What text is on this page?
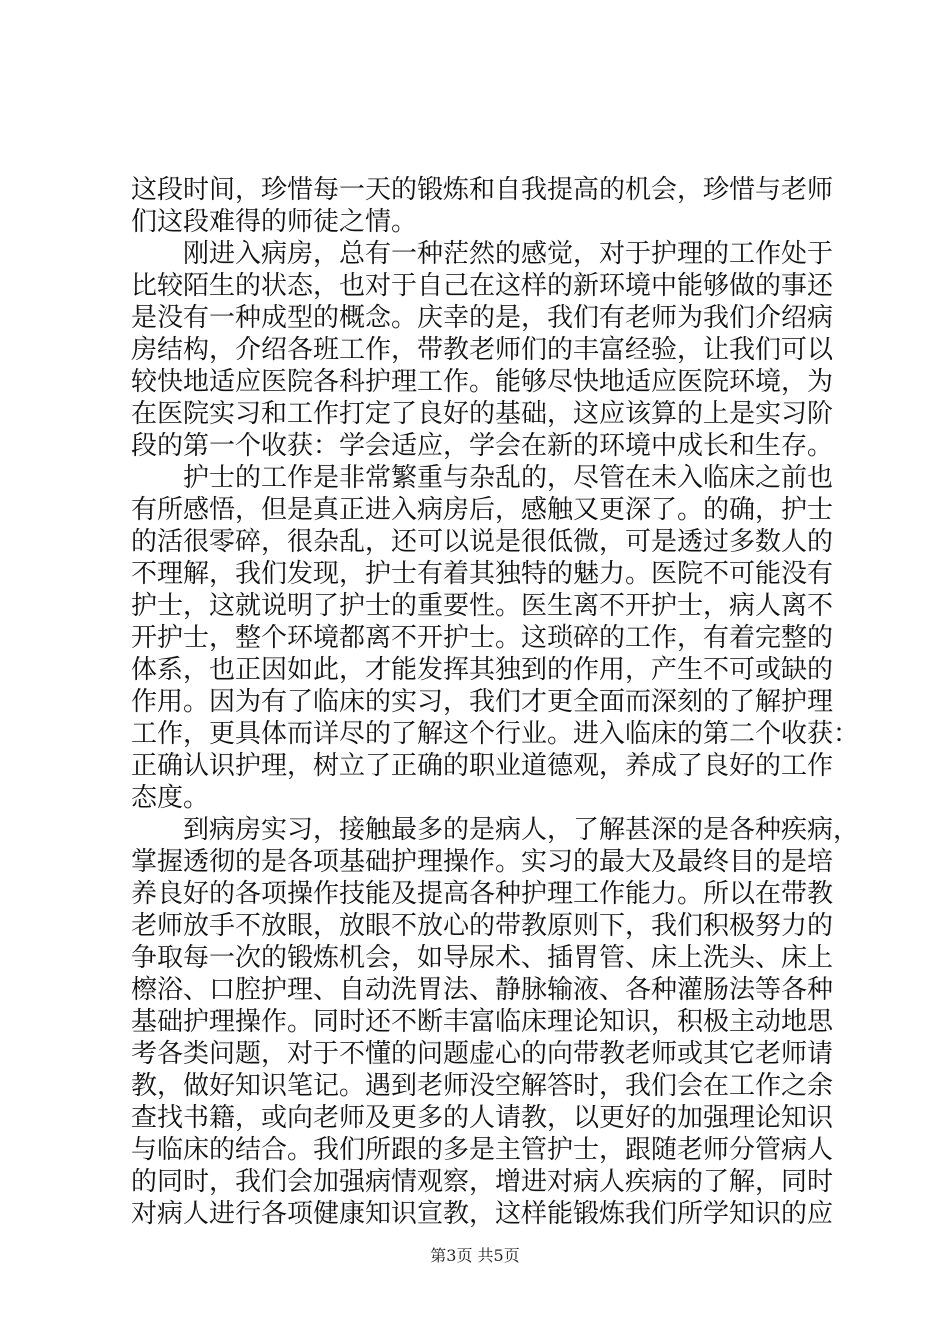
这段时间，珍惜每一天的锻炼和自我提高的机会，珍惜与老师
们这段难得的师徒之情。
刚进入病房，总有一种茫然的感觉，对于护理的工作处于
比较陌生的状态，也对于自己在这样的新环境中能够做的事还
是没有一种成型的概念。庆幸的是，我们有老师为我们介绍病
房结构，介绍各班工作，带教老师们的丰富经验，让我们可以
较快地适应医院各科护理工作。能够尽快地适应医院环境，为
在医院实习和工作打定了良好的基础，这应该算的上是实习阶
段的第一个收获：学会适应，学会在新的环境中成长和生存。
护士的工作是非常繁重与杂乱的，尽管在未入临床之前也
有所感悟，但是真正进入病房后，感触又更深了。的确，护士
的活很零碎，很杂乱，还可以说是很低微，可是透过多数人的
不理解，我们发现，护士有着其独特的魅力。医院不可能没有
护士，这就说明了护士的重要性。医生离不开护士，病人离不
开护士，整个环境都离不开护士。这琐碎的工作，有着完整的
体系，也正因如此，才能发挥其独到的作用，产生不可或缺的
作用。因为有了临床的实习，我们才更全面而深刻的了解护理
工作，更具体而详尽的了解这个行业。进入临床的第二个收获：
正确认识护理，树立了正确的职业道德观，养成了良好的工作
态度。
到病房实习，接触最多的是病人，了解甚深的是各种疾病，
掌握透彻的是各项基础护理操作。实习的最大及最终目的是培
养良好的各项操作技能及提高各种护理工作能力。所以在带教
老师放手不放眼，放眼不放心的带教原则下，我们积极努力的
争取每一次的锻炼机会，如导尿术、插胃管、床上洗头、床上
檫浴、口腔护理、自动洗胃法、静脉输液、各种灌肠法等各种
基础护理操作。同时还不断丰富临床理论知识，积极主动地思
考各类问题，对于不懂的问题虚心的向带教老师或其它老师请
教，做好知识笔记。遇到老师没空解答时，我们会在工作之余
查找书籍，或向老师及更多的人请教，以更好的加强理论知识
与临床的结合。我们所跟的多是主管护士，跟随老师分管病人
的同时，我们会加强病情观察，增进对病人疾病的了解，同时
对病人进行各项健康知识宣教，这样能锻炼我们所学知识的应
第3页 共5页
